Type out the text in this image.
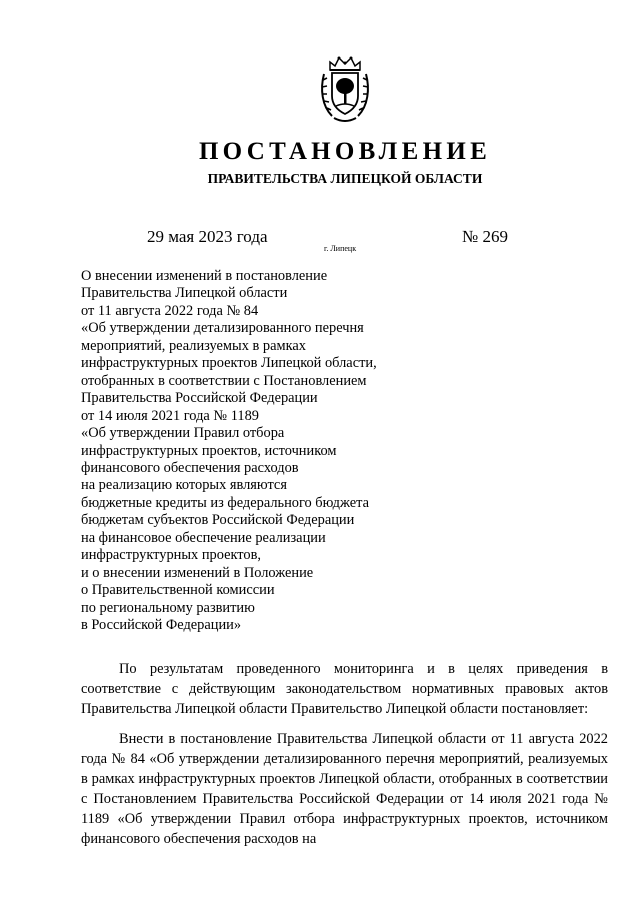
ПОСТАНОВЛЕНИЕ
ПРАВИТЕЛЬСТВА ЛИПЕЦКОЙ ОБЛАСТИ
29 мая 2023 года
г. Липецк
№ 269
О внесении изменений в постановление
Правительства Липецкой области
от 11 августа 2022 года № 84
«Об утверждении детализированного перечня
мероприятий, реализуемых в рамках
инфраструктурных проектов Липецкой области,
отобранных в соответствии с Постановлением
Правительства Российской Федерации
от 14 июля 2021 года № 1189
«Об утверждении Правил отбора
инфраструктурных проектов, источником
финансового обеспечения расходов
на реализацию которых являются
бюджетные кредиты из федерального бюджета
бюджетам субъектов Российской Федерации
на финансовое обеспечение реализации
инфраструктурных проектов,
и о внесении изменений в Положение
о Правительственной комиссии
по региональному развитию
в Российской Федерации»

По результатам проведенного мониторинга и в целях приведения в соответствие с действующим законодательством нормативных правовых актов Правительства Липецкой области Правительство Липецкой области постановляет:

Внести в постановление Правительства Липецкой области от 11 августа 2022 года № 84 «Об утверждении детализированного перечня мероприятий, реализуемых в рамках инфраструктурных проектов Липецкой области, отобранных в соответствии с Постановлением Правительства Российской Федерации от 14 июля 2021 года № 1189 «Об утверждении Правил отбора инфраструктурных проектов, источником финансового обеспечения расходов на
